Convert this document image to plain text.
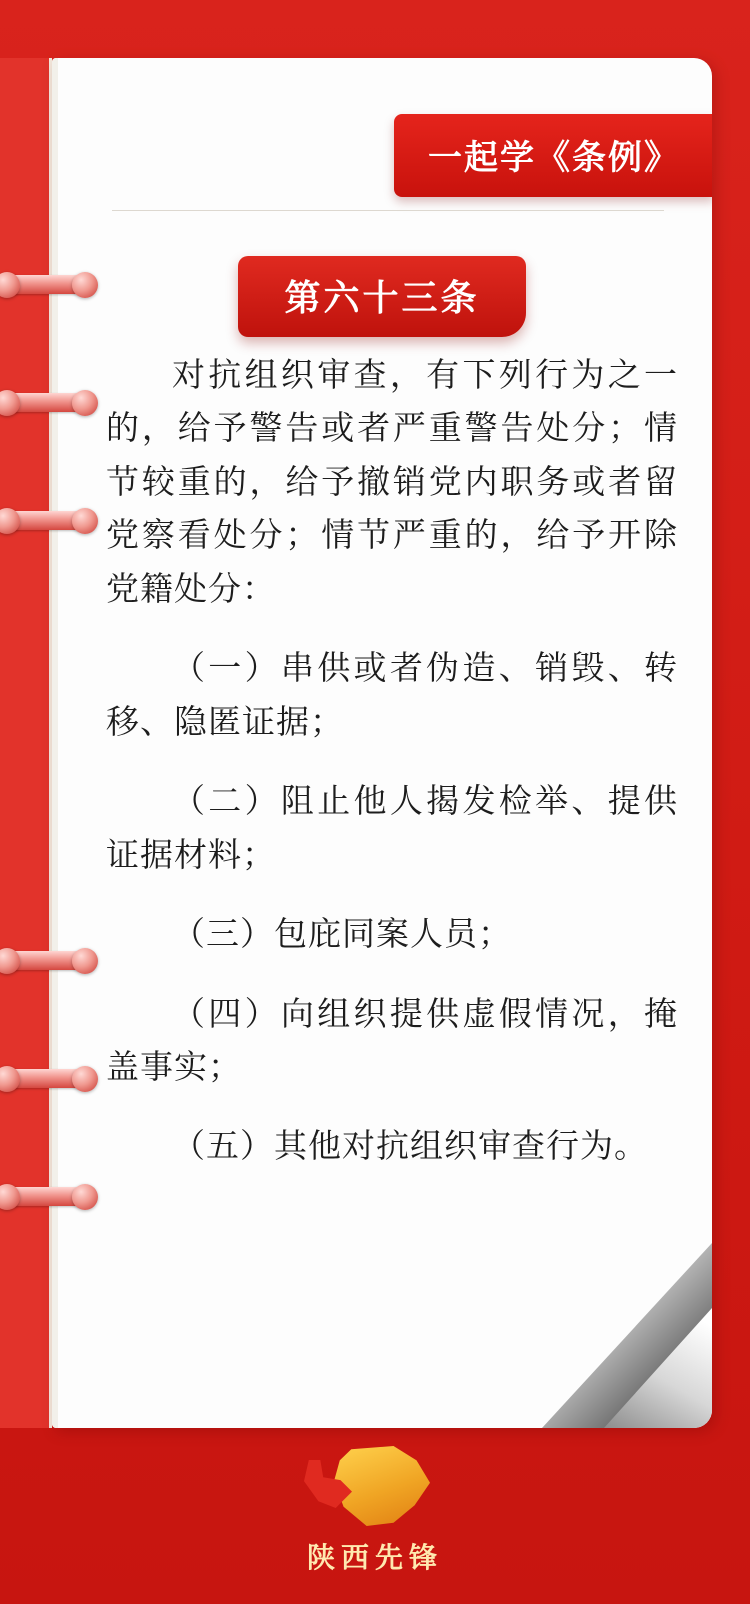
一起学《条例》
第六十三条

对抗组织审查，有下列行为之一的，给予警告或者严重警告处分；情节较重的，给予撤销党内职务或者留党察看处分；情节严重的，给予开除党籍处分：

（一）串供或者伪造、销毁、转移、隐匿证据；

（二）阻止他人揭发检举、提供证据材料；

（三）包庇同案人员；

（四）向组织提供虚假情况，掩盖事实；

（五）其他对抗组织审查行为。

陕西先锋
